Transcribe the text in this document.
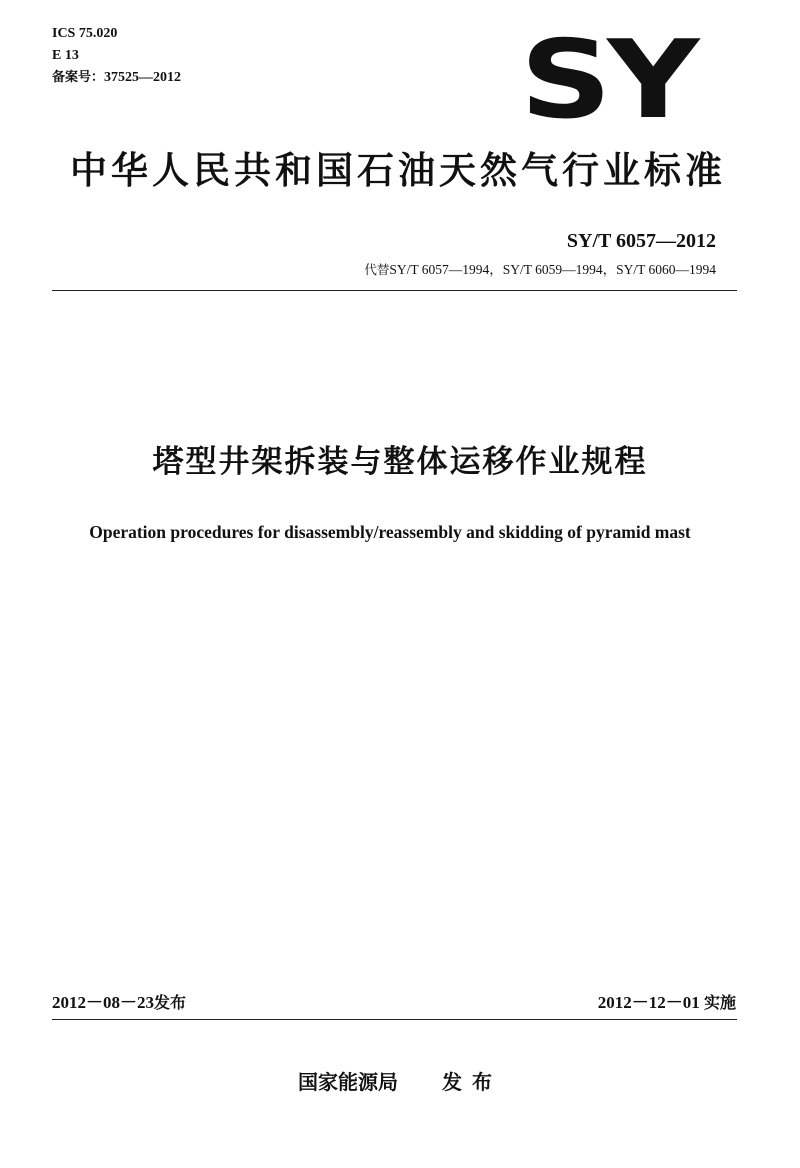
ICS 75.020
E 13
备案号：37525—2012	SY
中华人民共和国石油天然气行业标准
SY/T 6057—2012
代替SY/T 6057—1994，SY/T 6059—1994，SY/T 6060—1994
塔型井架拆装与整体运移作业规程
Operation procedures for disassembly/reassembly and skidding of pyramid mast
2012－08－23发布	2012－12－01 实施
国家能源局 发布
